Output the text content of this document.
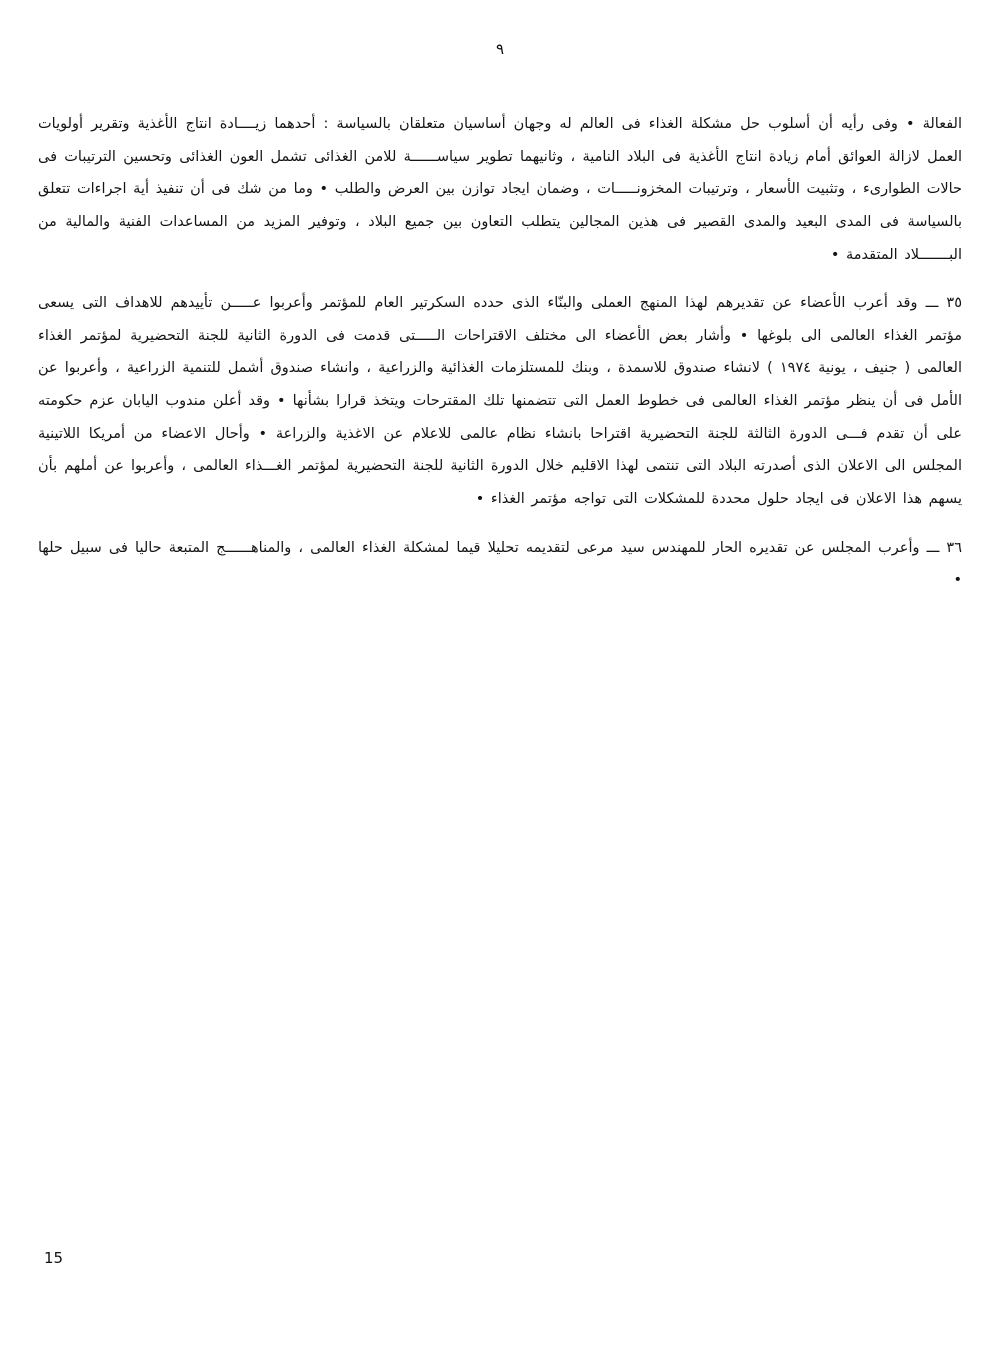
٩

الفعالة • وفى رأيه أن أسلوب حل مشكلة الغذاء فى العالم له وجهان أساسيان متعلقان بالسياسة : أحدهما زيــــادة انتاج الأغذية وتقرير أولويات العمل لازالة العوائق أمام زيادة انتاج الأغذية فى البلاد النامية ، وثانيهما تطوير سياســــــة للامن الغذائى تشمل العون الغذائى وتحسين الترتيبات فى حالات الطوارىء ، وتثبيت الأسعار ، وترتيبات المخزونـــــات ، وضمان ايجاد توازن بين العرض والطلب • وما من شك فى أن تنفيذ أية اجراءات تتعلق بالسياسة فى المدى البعيد والمدى القصير فى هذين المجالين يتطلب التعاون بين جميع البلاد ، وتوفير المزيد من المساعدات الفنية والمالية من البـــــــلاد المتقدمة •

٣٥ ـــ وقد أعرب الأعضاء عن تقديرهم لهذا المنهج العملى والبنّاء الذى حدده السكرتير العام للمؤتمر وأعربوا عـــــن تأييدهم للاهداف التى يسعى مؤتمر الغذاء العالمى الى بلوغها • وأشار بعض الأعضاء الى مختلف الاقتراحات الـــــتى قدمت فى الدورة الثانية للجنة التحضيرية لمؤتمر الغذاء العالمى ( جنيف ، يونية ١٩٧٤ ) لانشاء صندوق للاسمدة ، وبنك للمستلزمات الغذائية والزراعية ، وانشاء صندوق أشمل للتنمية الزراعية ، وأعربوا عن الأمل فى أن ينظر مؤتمر الغذاء العالمى فى خطوط العمل التى تتضمنها تلك المقترحات ويتخذ قرارا بشأنها • وقد أعلن مندوب اليابان عزم حكومته على أن تقدم فـــى الدورة الثالثة للجنة التحضيرية اقتراحا بانشاء نظام عالمى للاعلام عن الاغذية والزراعة • وأحال الاعضاء من أمريكا اللاتينية المجلس الى الاعلان الذى أصدرته البلاد التى تنتمى لهذا الاقليم خلال الدورة الثانية للجنة التحضيرية لمؤتمر الغـــذاء العالمى ، وأعربوا عن أملهم بأن يسهم هذا الاعلان فى ايجاد حلول محددة للمشكلات التى تواجه مؤتمر الغذاء •

٣٦ ـــ وأعرب المجلس عن تقديره الحار للمهندس سيد مرعى لتقديمه تحليلا قيما لمشكلة الغذاء العالمى ، والمناهــــــج المتبعة حاليا فى سبيل حلها •

15
